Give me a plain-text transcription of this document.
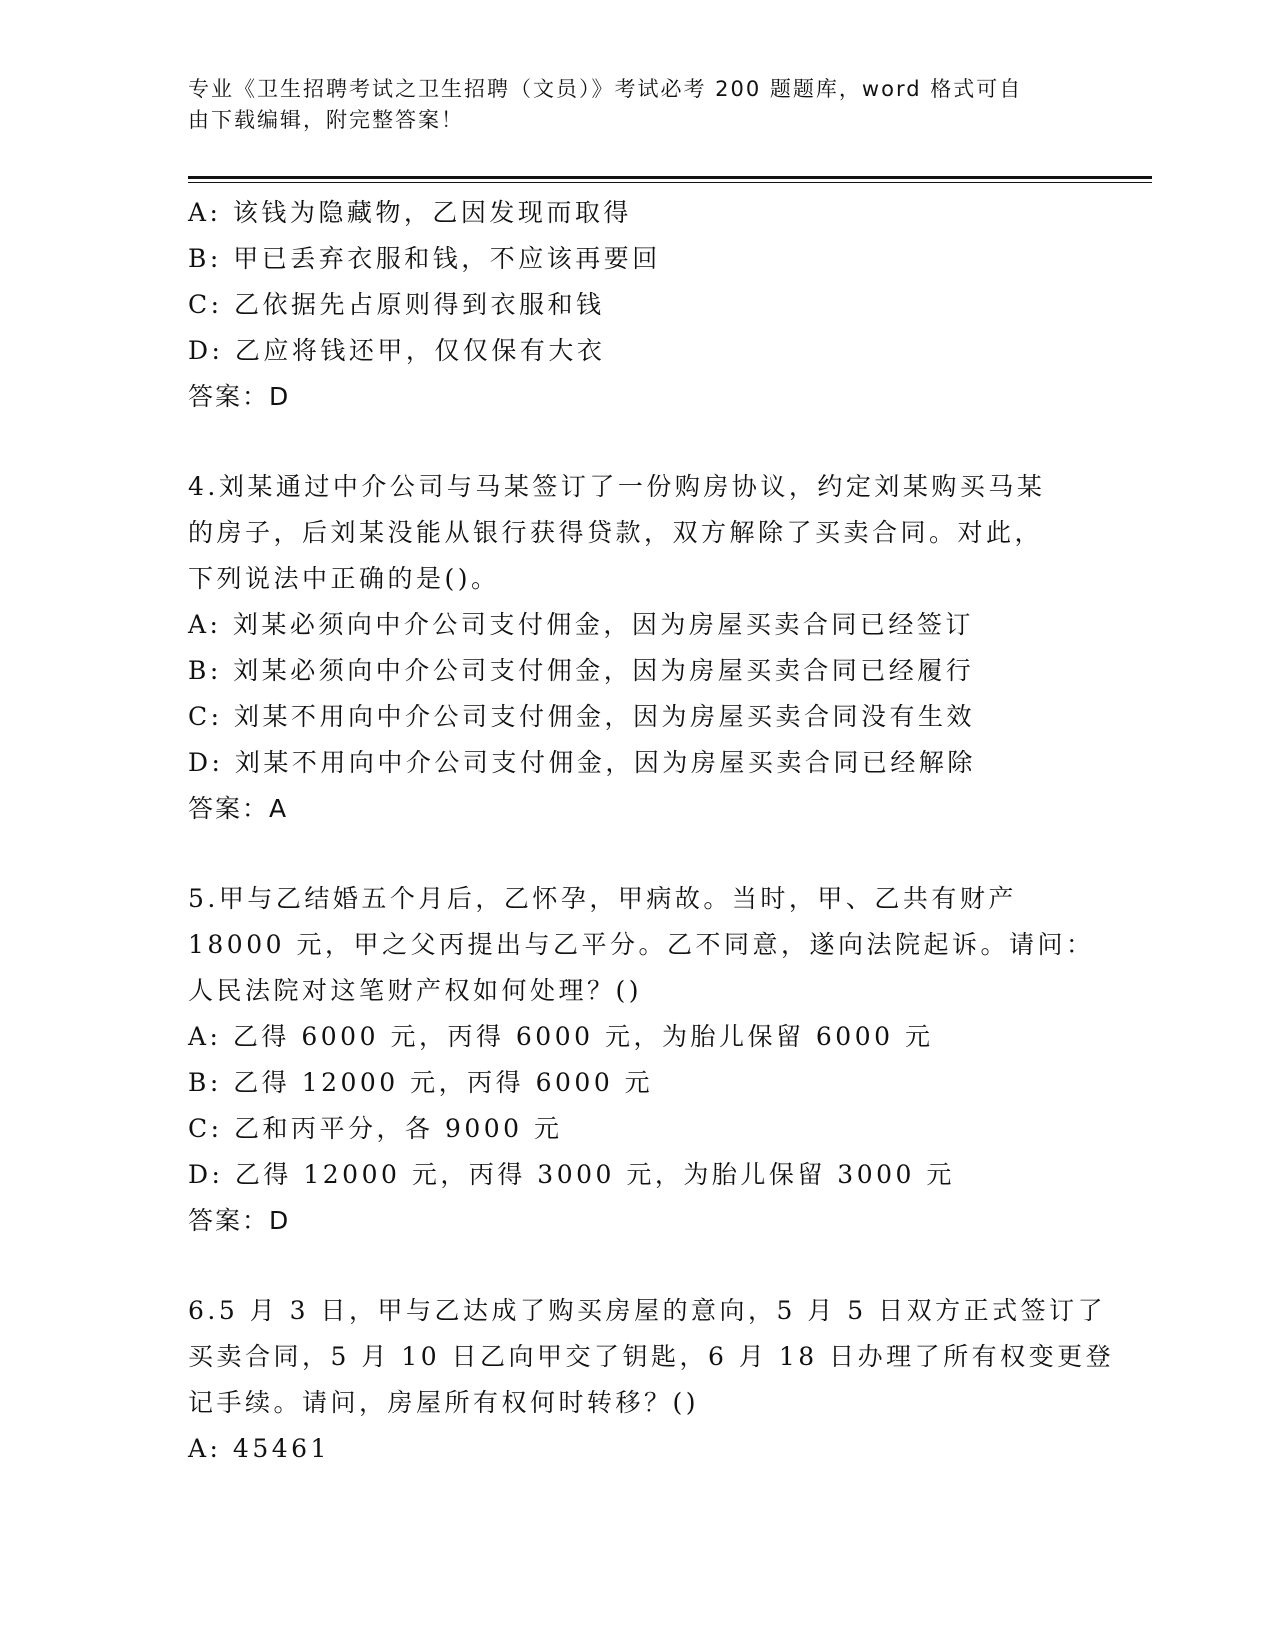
专业《卫生招聘考试之卫生招聘（文员）》考试必考 200 题题库，word 格式可自
由下载编辑，附完整答案！
A: 该钱为隐藏物，乙因发现而取得
B: 甲已丢弃衣服和钱，不应该再要回
C: 乙依据先占原则得到衣服和钱
D: 乙应将钱还甲，仅仅保有大衣
答案：D
4.刘某通过中介公司与马某签订了一份购房协议，约定刘某购买马某
的房子，后刘某没能从银行获得贷款，双方解除了买卖合同。对此，
下列说法中正确的是()。
A: 刘某必须向中介公司支付佣金，因为房屋买卖合同已经签订
B: 刘某必须向中介公司支付佣金，因为房屋买卖合同已经履行
C: 刘某不用向中介公司支付佣金，因为房屋买卖合同没有生效
D: 刘某不用向中介公司支付佣金，因为房屋买卖合同已经解除
答案：A
5.甲与乙结婚五个月后，乙怀孕，甲病故。当时，甲、乙共有财产
18000 元，甲之父丙提出与乙平分。乙不同意，遂向法院起诉。请问：
人民法院对这笔财产权如何处理？()
A: 乙得 6000 元，丙得 6000 元，为胎儿保留 6000 元
B: 乙得 12000 元，丙得 6000 元
C: 乙和丙平分，各 9000 元
D: 乙得 12000 元，丙得 3000 元，为胎儿保留 3000 元
答案：D
6.5 月 3 日，甲与乙达成了购买房屋的意向，5 月 5 日双方正式签订了
买卖合同，5 月 10 日乙向甲交了钥匙，6 月 18 日办理了所有权变更登
记手续。请问，房屋所有权何时转移？()
A: 45461
